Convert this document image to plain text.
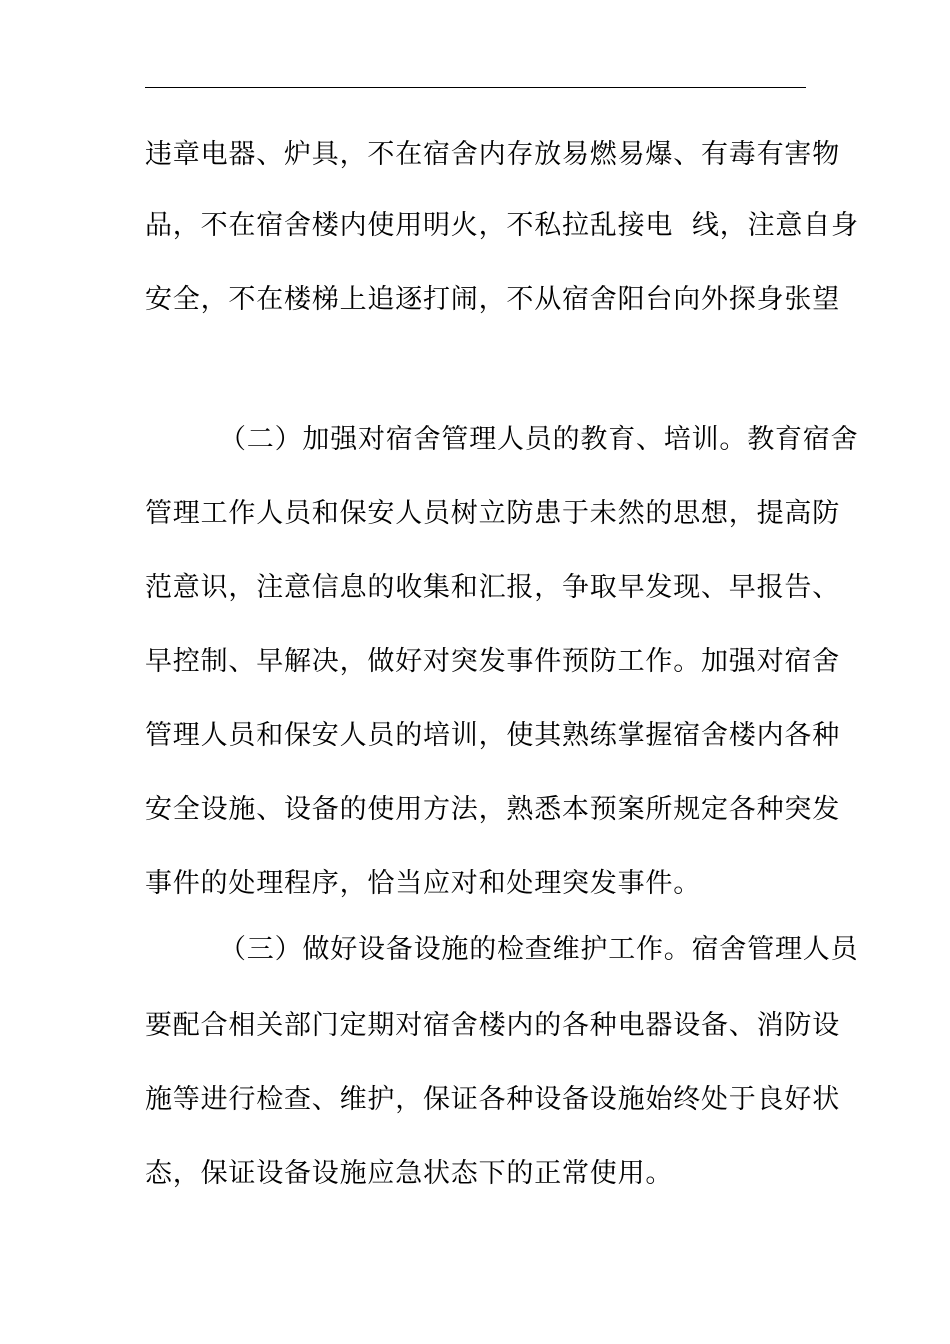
违章电器、炉具，不在宿舍内存放易燃易爆、有毒有害物
品，不在宿舍楼内使用明火，不私拉乱接电  线，注意自身
安全，不在楼梯上追逐打闹，不从宿舍阳台向外探身张望
（二）加强对宿舍管理人员的教育、培训。教育宿舍
管理工作人员和保安人员树立防患于未然的思想，提高防
范意识，注意信息的收集和汇报，争取早发现、早报告、
早控制、早解决，做好对突发事件预防工作。加强对宿舍
管理人员和保安人员的培训，使其熟练掌握宿舍楼内各种
安全设施、设备的使用方法，熟悉本预案所规定各种突发
事件的处理程序，恰当应对和处理突发事件。
（三）做好设备设施的检查维护工作。宿舍管理人员
要配合相关部门定期对宿舍楼内的各种电器设备、消防设
施等进行检查、维护，保证各种设备设施始终处于良好状
态，保证设备设施应急状态下的正常使用。
